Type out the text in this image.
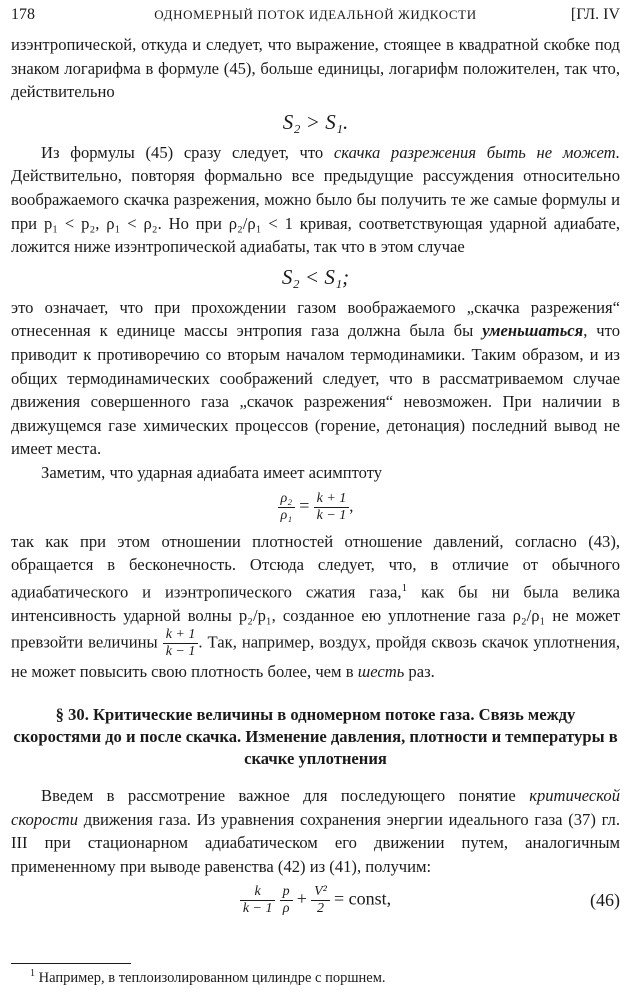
178	ОДНОМЕРНЫЙ ПОТОК ИДЕАЛЬНОЙ ЖИДКОСТИ	[ГЛ. IV

изэнтропической, откуда и следует, что выражение, стоящее в квадратной скобке под знаком логарифма в формуле (45), больше единицы, логарифм положителен, так что, действительно

S₂ > S₁.

Из формулы (45) сразу следует, что скачка разрежения быть не может. Действительно, повторяя формально все предыдущие рассуждения относительно воображаемого скачка разрежения, можно было бы получить те же самые формулы и при p₁ < p₂, ρ₁ < ρ₂. Но при ρ₂/ρ₁ < 1 кривая, соответствующая ударной адиабате, ложится ниже изэнтропической адиабаты, так что в этом случае

S₂ < S₁;

это означает, что при прохождении газом воображаемого „скачка разрежения“ отнесенная к единице массы энтропия газа должна была бы уменьшаться, что приводит к противоречию со вторым началом термодинамики. Таким образом, и из общих термодинамических соображений следует, что в рассматриваемом случае движения совершенного газа „скачок разрежения“ невозможен. При наличии в движущемся газе химических процессов (горение, детонация) последний вывод не имеет места.

Заметим, что ударная адиабата имеет асимптоту

$\frac{\text{ρ₂}}{\text{ρ₁}} = \frac{k + 1}{k - 1}$ ,

так как при этом отношении плотностей отношение давлений, согласно (43), обращается в бесконечность. Отсюда следует, что, в отличие от обычного адиабатического и изэнтропического сжатия газа,$^1$ как бы ни была велика интенсивность ударной волны p₂/p₁, созданное ею уплотнение газа ρ₂/ρ₁ не может превзойти величины $\frac{k + 1}{k - 1}$ . Так, например, воздух, пройдя сквозь скачок уплотнения, не может повысить свою плотность более, чем в шесть раз.

§ 30. Критические величины в одномерном потоке газа. Связь между скоростями до и после скачка. Изменение давления, плотности и температуры в скачке уплотнения

Введем в рассмотрение важное для последующего понятие критической скорости движения газа. Из уравнения сохранения энергии идеального газа (37) гл. III при стационарном адиабатическом его движении путем, аналогичным примененному при выводе равенства (42) из (41), получим:

$\frac{k}{k - 1}$
$\frac{p}{\rho} + \frac{\text{V²}}{2}$ = const,	(46)
$^1$ Например, в теплоизолированном цилиндре с поршнем.
